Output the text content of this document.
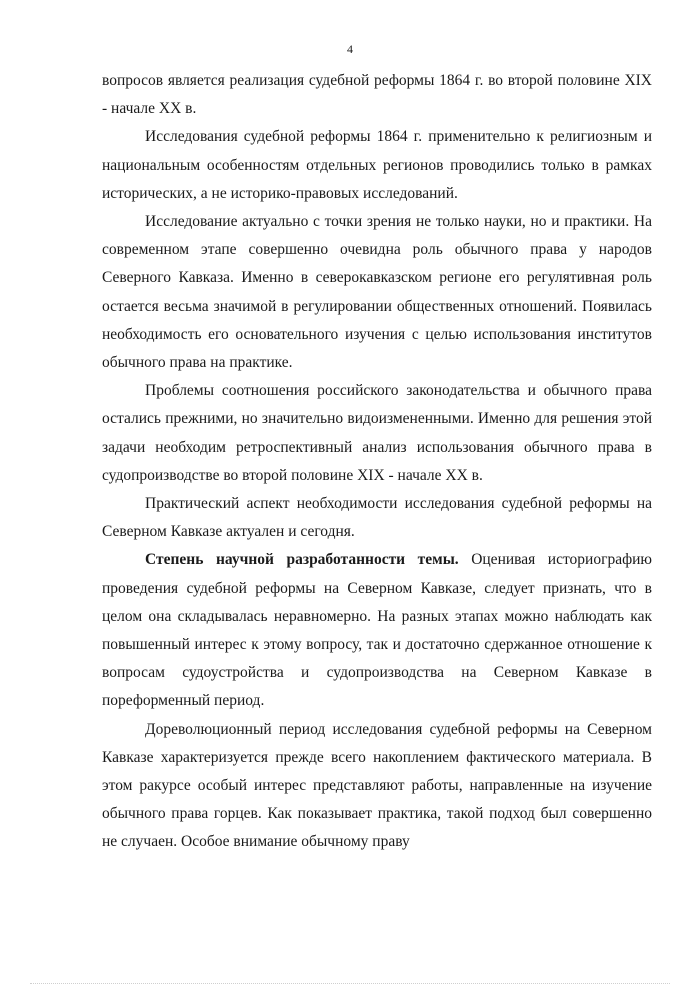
4

вопросов является реализация судебной реформы 1864 г. во второй половине XIX - начале XX в.

Исследования судебной реформы 1864 г. применительно к религиозным и национальным особенностям отдельных регионов проводились только в рамках исторических, а не историко-правовых исследований.

Исследование актуально с точки зрения не только науки, но и практики. На современном этапе совершенно очевидна роль обычного права у народов Северного Кавказа. Именно в северокавказском регионе его регулятивная роль остается весьма значимой в регулировании общественных отношений. Появилась необходимость его основательного изучения с целью использования институтов обычного права на практике.

Проблемы соотношения российского законодательства и обычного права остались прежними, но значительно видоизмененными. Именно для решения этой задачи необходим ретроспективный анализ использования обычного права в судопроизводстве во второй половине XIX - начале XX в.

Практический аспект необходимости исследования судебной реформы на Северном Кавказе актуален и сегодня.

Степень научной разработанности темы. Оценивая историографию проведения судебной реформы на Северном Кавказе, следует признать, что в целом она складывалась неравномерно. На разных этапах можно наблюдать как повышенный интерес к этому вопросу, так и достаточно сдержанное отношение к вопросам судоустройства и судопроизводства на Северном Кавказе в пореформенный период.

Дореволюционный период исследования судебной реформы на Северном Кавказе характеризуется прежде всего накоплением фактического материала. В этом ракурсе особый интерес представляют работы, направленные на изучение обычного права горцев. Как показывает практика, такой подход был совершенно не случаен. Особое внимание обычному праву
